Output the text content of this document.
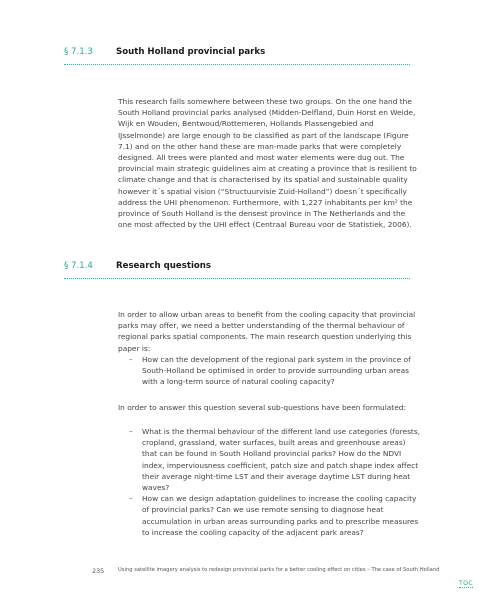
§ 7.1.3	South Holland provincial parks

This research falls somewhere between these two groups. On the one hand the South Holland provincial parks analysed (Midden-Delfland, Duin Horst en Weide, Wijk en Wouden, Bentwoud/Rottemeren, Hollands Plassengebied and IJsselmonde) are large enough to be classified as part of the landscape (Figure 7.1) and on the other hand these are man-made parks that were completely designed. All trees were planted and most water elements were dug out. The provincial main strategic guidelines aim at creating a province that is resilient to climate change and that is characterised by its spatial and sustainable quality however it´s spatial vision (“Structuurvisie Zuid-Holland”) doesn´t specifically address the UHI phenomenon. Furthermore, with 1,227 inhabitants per km² the province of South Holland is the densest province in The Netherlands and the one most affected by the UHI effect (Centraal Bureau voor de Statistiek, 2006).

§ 7.1.4	Research questions

In order to allow urban areas to benefit from the cooling capacity that provincial parks may offer, we need a better understanding of the thermal behaviour of regional parks spatial components. The main research question underlying this paper is:

– How can the development of the regional park system in the province of South-Holland be optimised in order to provide surrounding urban areas with a long-term source of natural cooling capacity?

In order to answer this question several sub-questions have been formulated:

– What is the thermal behaviour of the different land use categories (forests, cropland, grassland, water surfaces, built areas and greenhouse areas) that can be found in South Holland provincial parks? How do the NDVI index, imperviousness coefficient, patch size and patch shape index affect their average night-time LST and their average daytime LST during heat waves?
– How can we design adaptation guidelines to increase the cooling capacity of provincial parks? Can we use remote sensing to diagnose heat accumulation in urban areas surrounding parks and to prescribe measures to increase the cooling capacity of the adjacent park areas?
235	Using satellite imagery analysis to redesign provincial parks for a better cooling effect on cities – The case of South Holland
TOC
